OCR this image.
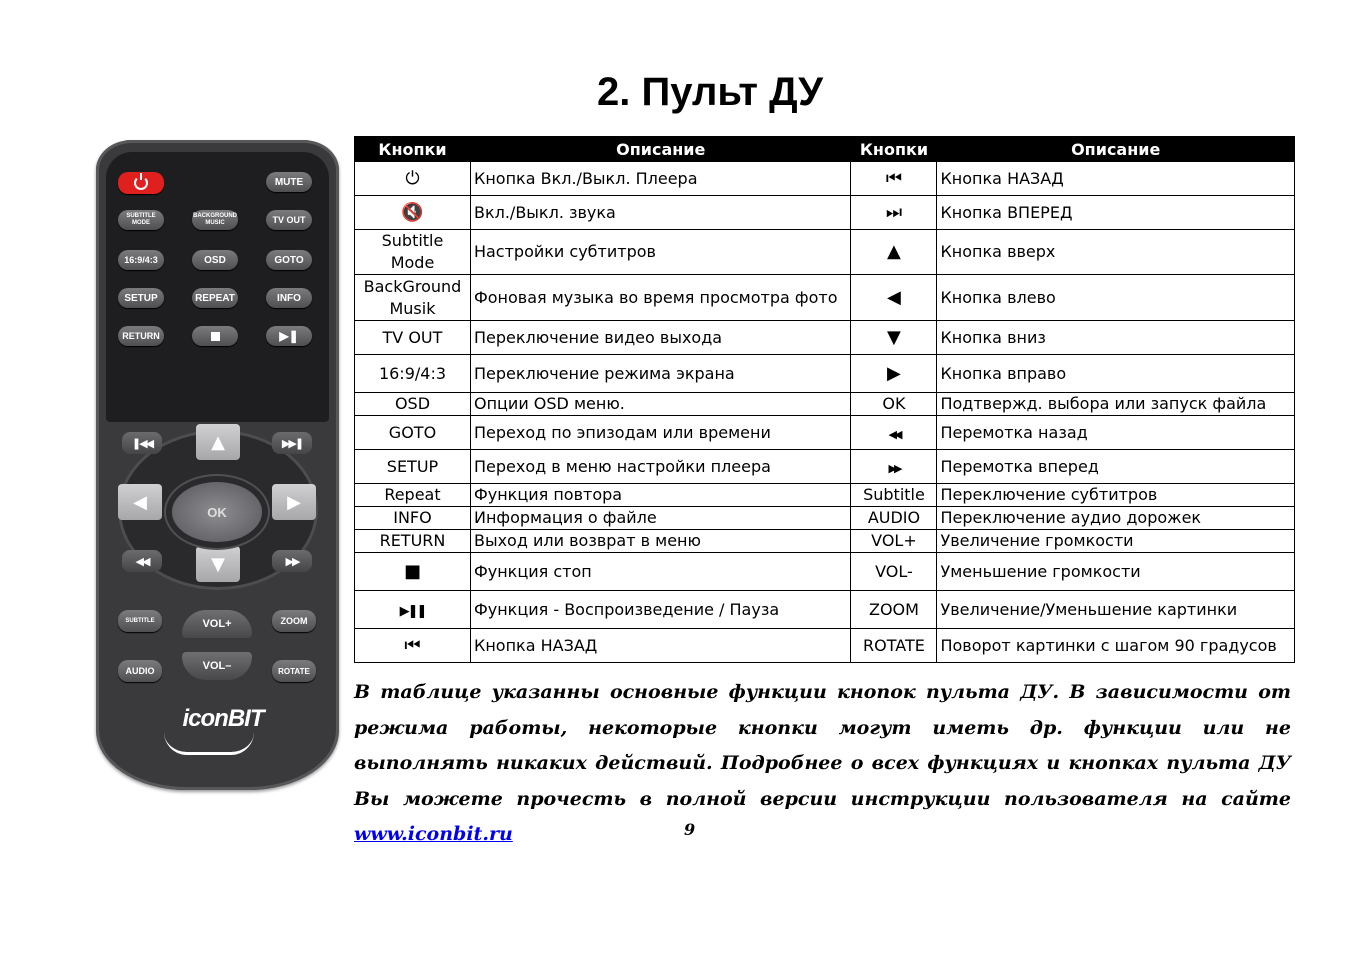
2. Пульт ДУ
MUTE
SUBTITLE MODE
BACKGROUND MUSIC	TV OUT
16:9/4:3	OSD	GOTO
SETUP	REPEAT	INFO
RETURN	▶❚
❚◀◀	▶▶❚
▲
▼
◀	▶
OK
◀◀	▶▶
SUBTITLE	VOL+	ZOOM
AUDIO	VOL–	ROTATE
iconBIT
Кнопки	Описание	Кнопки	Описание
⏻	Кнопка Вкл./Выкл. Плеера	⏮	Кнопка НАЗАД
🔇	Вкл./Выкл. звука	⏭	Кнопка ВПЕРЕД
Subtitle Mode	Настройки субтитров	▲	Кнопка вверх
BackGround Musik	Фоновая музыка во время просмотра фото	◀	Кнопка влево
TV OUT	Переключение видео выхода	▼	Кнопка вниз
16:9/4:3	Переключение режима экрана	▶	Кнопка вправо
OSD	Опции OSD меню.	OK	Подтвержд. выбора или запуск файла
GOTO	Переход по эпизодам или времени	◀◀	Перемотка назад
SETUP	Переход в меню настройки плеера	▶▶	Перемотка вперед
Repeat	Функция повтора	Subtitle	Переключение субтитров
INFO	Информация о файле	AUDIO	Переключение аудио дорожек
RETURN	Выход или возврат в меню	VOL+	Увеличение громкости
■	Функция стоп	VOL-	Уменьшение громкости
▶❚❚	Функция - Воспроизведение / Пауза	ZOOM	Увеличение/Уменьшение картинки
⏮	Кнопка НАЗАД	ROTATE	Поворот картинки с шагом 90 градусов
В таблице указанны основные функции кнопок пульта ДУ. В зависимости от режима работы, некоторые кнопки могут иметь др. функции или не выполнять никаких действий. Подробнее о всех функциях и кнопках пульта ДУ Вы можете прочесть в полной версии инструкции пользователя на сайте www.iconbit.ru	9
